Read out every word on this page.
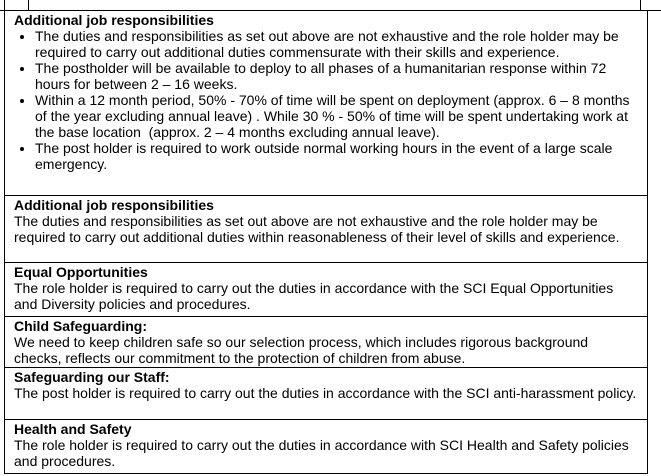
Additional job responsibilities
• The duties and responsibilities as set out above are not exhaustive and the role holder may be required to carry out additional duties commensurate with their skills and experience.
• The postholder will be available to deploy to all phases of a humanitarian response within 72 hours for between 2 – 16 weeks.
• Within a 12 month period, 50% - 70% of time will be spent on deployment (approx. 6 – 8 months of the year excluding annual leave) . While 30 % - 50% of time will be spent undertaking work at the base location  (approx. 2 – 4 months excluding annual leave).
• The post holder is required to work outside normal working hours in the event of a large scale emergency.
Additional job responsibilities

The duties and responsibilities as set out above are not exhaustive and the role holder may be required to carry out additional duties within reasonableness of their level of skills and experience.

Equal Opportunities

The role holder is required to carry out the duties in accordance with the SCI Equal Opportunities and Diversity policies and procedures.

Child Safeguarding:

We need to keep children safe so our selection process, which includes rigorous background checks, reflects our commitment to the protection of children from abuse.

Safeguarding our Staff:

The post holder is required to carry out the duties in accordance with the SCI anti-harassment policy.

Health and Safety

The role holder is required to carry out the duties in accordance with SCI Health and Safety policies and procedures.
